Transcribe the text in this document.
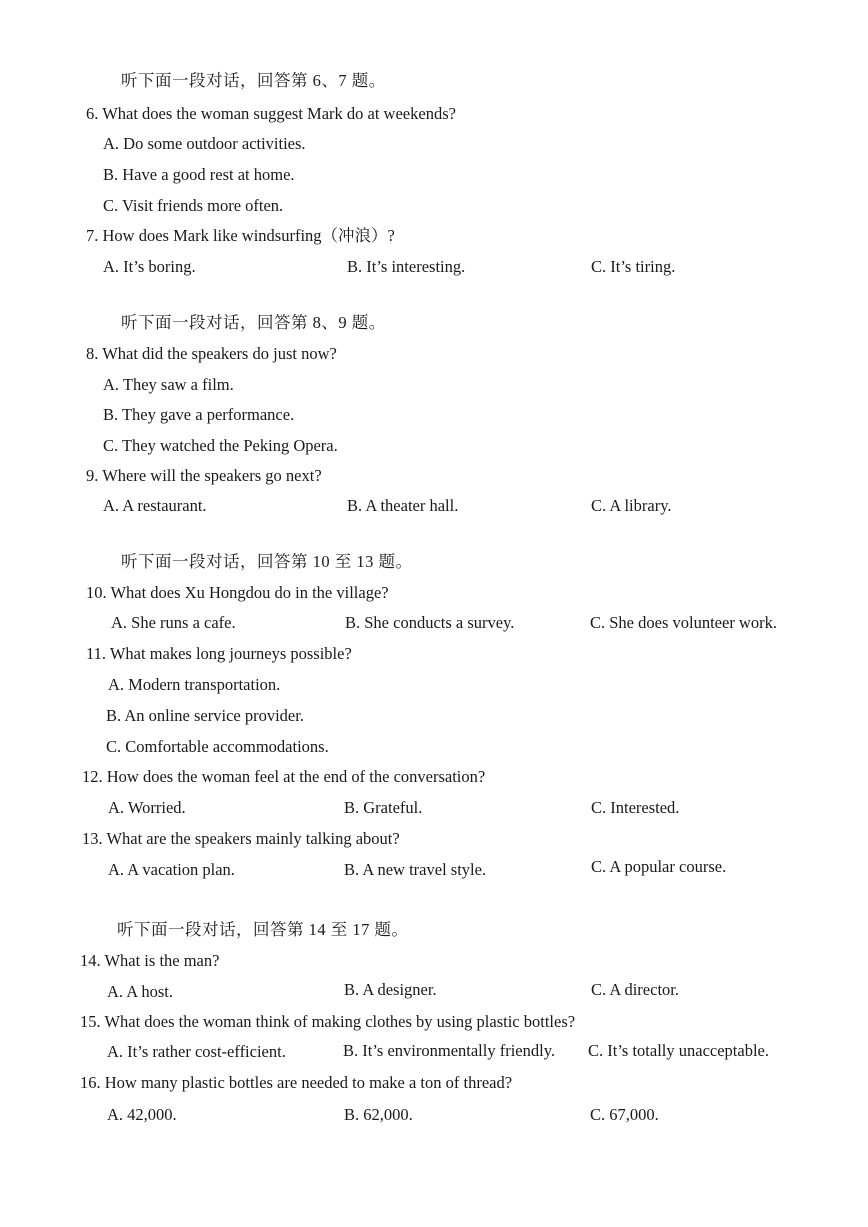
听下面一段对话，回答第 6、7 题。
6. What does the woman suggest Mark do at weekends?
A. Do some outdoor activities.
B. Have a good rest at home.
C. Visit friends more often.
7. How does Mark like windsurfing（冲浪）?
A. It’s boring.	B. It’s interesting.	C. It’s tiring.
听下面一段对话，回答第 8、9 题。
8. What did the speakers do just now?
A. They saw a film.
B. They gave a performance.
C. They watched the Peking Opera.
9. Where will the speakers go next?
A. A restaurant.	B. A theater hall.	C. A library.
听下面一段对话，回答第 10 至 13 题。
10. What does Xu Hongdou do in the village?
A. She runs a cafe.	B. She conducts a survey.	C. She does volunteer work.
11. What makes long journeys possible?
A. Modern transportation.
B. An online service provider.
C. Comfortable accommodations.
12. How does the woman feel at the end of the conversation?
A. Worried.	B. Grateful.	C. Interested.
13. What are the speakers mainly talking about?
A. A vacation plan.	B. A new travel style.	C. A popular course.
听下面一段对话，回答第 14 至 17 题。
14. What is the man?
A. A host.	B. A designer.	C. A director.
15. What does the woman think of making clothes by using plastic bottles?
A. It’s rather cost-efficient.	B. It’s environmentally friendly. C. It’s totally unacceptable.
16. How many plastic bottles are needed to make a ton of thread?
A. 42,000.	B. 62,000.	C. 67,000.
